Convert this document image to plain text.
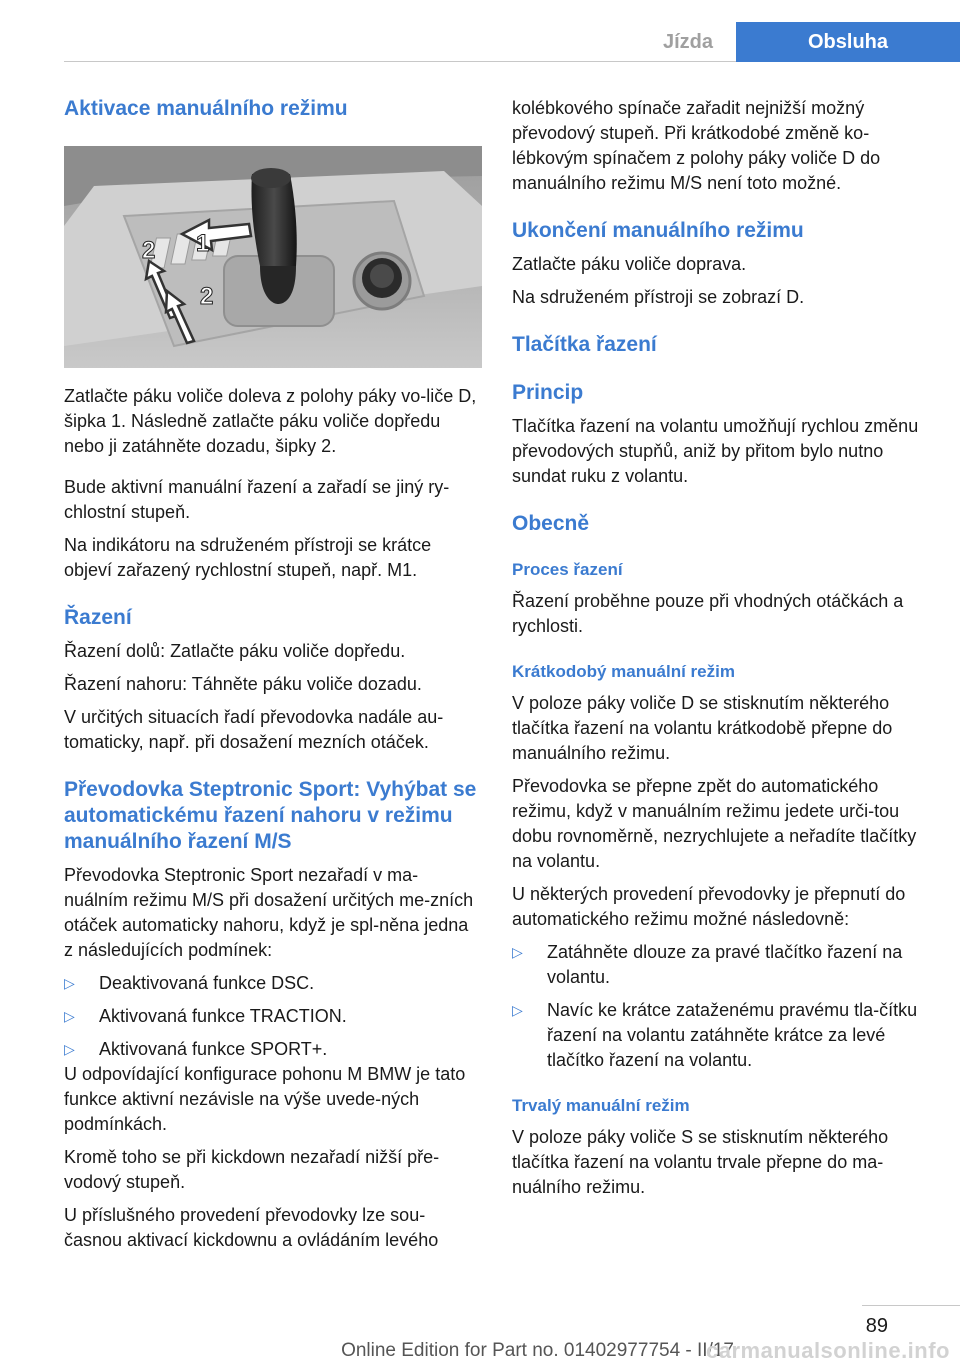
Jízda	Obsluha
Aktivace manuálního režimu
1
2
2

Zatlačte páku voliče doleva z polohy páky vo-liče D, šipka 1. Následně zatlačte páku voliče dopředu nebo ji zatáhněte dozadu, šipky 2.

Bude aktivní manuální řazení a zařadí se jiný ry-chlostní stupeň.

Na indikátoru na sdruženém přístroji se krátce objeví zařazený rychlostní stupeň, např. M1.

Řazení

Řazení dolů: Zatlačte páku voliče dopředu.

Řazení nahoru: Táhněte páku voliče dozadu.

V určitých situacích řadí převodovka nadále au-tomaticky, např. při dosažení mezních otáček.

Převodovka Steptronic Sport: Vyhýbat se automatickému řazení nahoru v režimu manuálního řazení M/S

Převodovka Steptronic Sport nezařadí v ma-nuálním režimu M/S při dosažení určitých me-zních otáček automaticky nahoru, když je spl-něna jedna z následujících podmínek:

▷ Deaktivovaná funkce DSC.
▷ Aktivovaná funkce TRACTION.
▷ Aktivovaná funkce SPORT+.

U odpovídající konfigurace pohonu M BMW je tato funkce aktivní nezávisle na výše uvede-ných podmínkách.

Kromě toho se při kickdown nezařadí nižší pře-vodový stupeň.

U příslušného provedení převodovky lze sou-časnou aktivací kickdownu a ovládáním levého

kolébkového spínače zařadit nejnižší možný převodový stupeň. Při krátkodobé změně ko-lébkovým spínačem z polohy páky voliče D do manuálního režimu M/S není toto možné.

Ukončení manuálního režimu

Zatlačte páku voliče doprava.

Na sdruženém přístroji se zobrazí D.

Tlačítka řazení
Princip

Tlačítka řazení na volantu umožňují rychlou změnu převodových stupňů, aniž by přitom bylo nutno sundat ruku z volantu.

Obecně
Proces řazení

Řazení proběhne pouze při vhodných otáčkách a rychlosti.

Krátkodobý manuální režim

V poloze páky voliče D se stisknutím některého tlačítka řazení na volantu krátkodobě přepne do manuálního režimu.

Převodovka se přepne zpět do automatického režimu, když v manuálním režimu jedete urči-tou dobu rovnoměrně, nezrychlujete a neřadíte tlačítky na volantu.

U některých provedení převodovky je přepnutí do automatického režimu možné následovně:

▷ Zatáhněte dlouze za pravé tlačítko řazení na volantu.
▷ Navíc ke krátce zataženému pravému tla-čítku řazení na volantu zatáhněte krátce za levé tlačítko řazení na volantu.
Trvalý manuální režim

V poloze páky voliče S se stisknutím některého tlačítka řazení na volantu trvale přepne do ma-nuálního režimu.

89
Online Edition for Part no. 01402977754 - II/17
carmanualsonline.info
